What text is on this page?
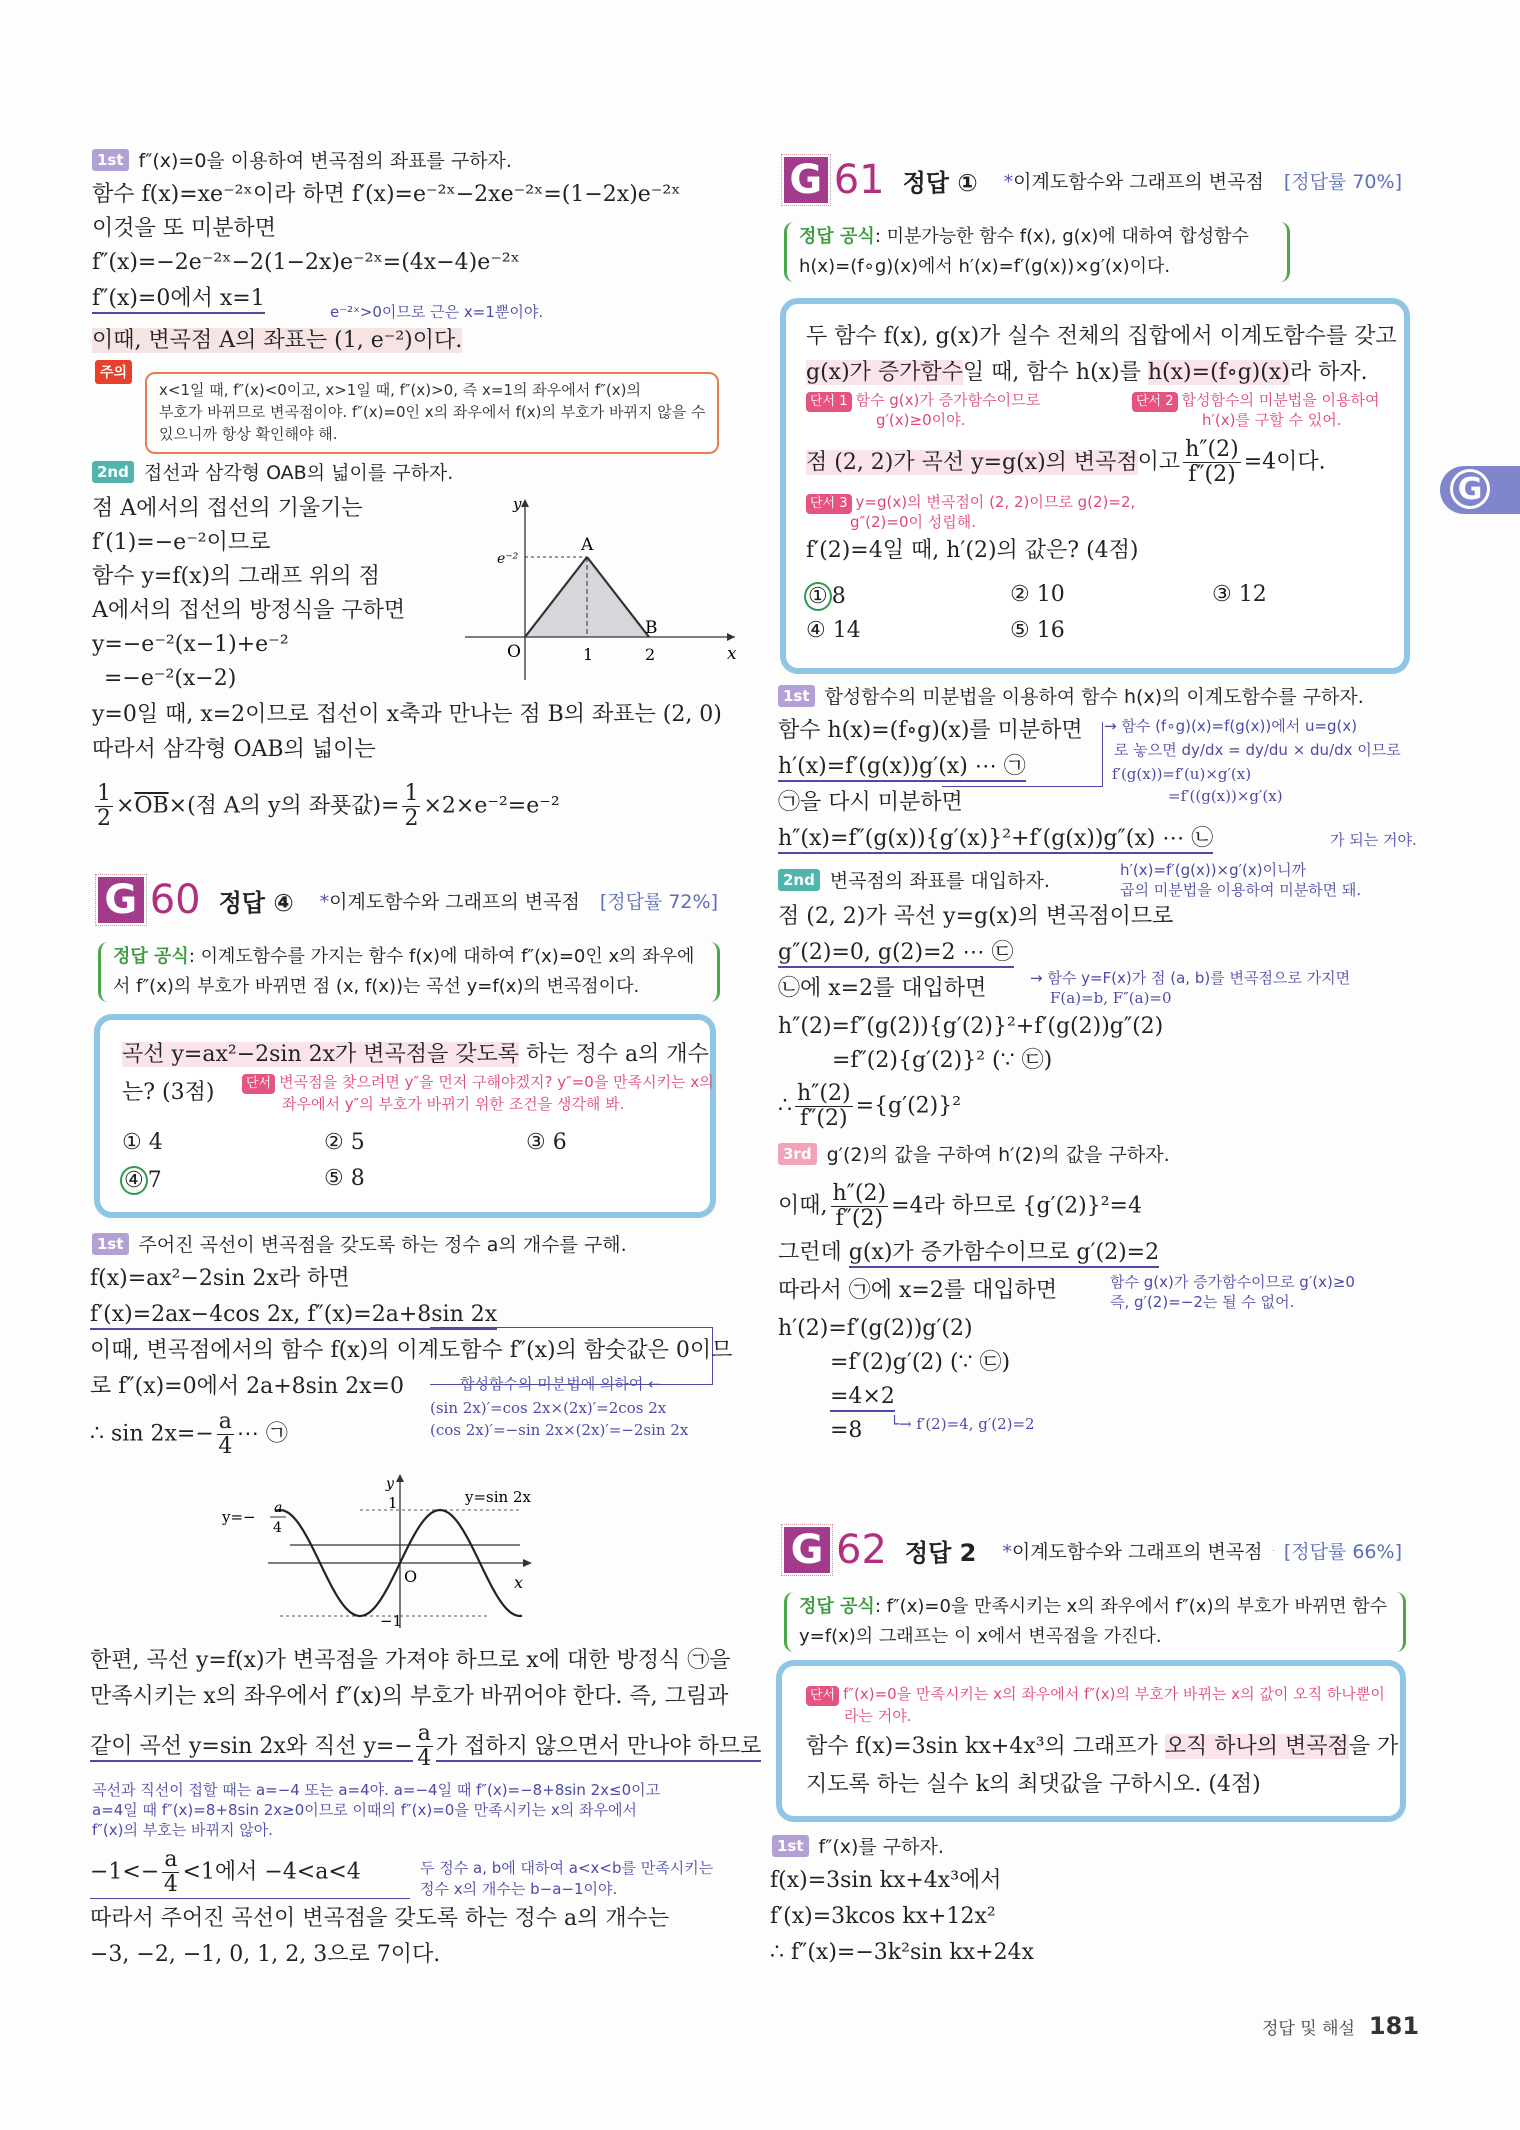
1st f″(x)=0을 이용하여 변곡점의 좌표를 구하자.
함수 f(x)=xe⁻²ˣ이라 하면 f′(x)=e⁻²ˣ−2xe⁻²ˣ=(1−2x)e⁻²ˣ
이것을 또 미분하면
f″(x)=−2e⁻²ˣ−2(1−2x)e⁻²ˣ=(4x−4)e⁻²ˣ
f″(x)=0에서 x=1
e⁻²ˣ>0이므로 근은 x=1뿐이야.
이때, 변곡점 A의 좌표는 (1, e⁻²)이다.
주의
x<1일 때, f″(x)<0이고, x>1일 때, f″(x)>0, 즉 x=1의 좌우에서 f″(x)의
부호가 바뀌므로 변곡점이야. f″(x)=0인 x의 좌우에서 f(x)의 부호가 바뀌지 않을 수
있으니까 항상 확인해야 해.
2nd 접선과 삼각형 OAB의 넓이를 구하자.
점 A에서의 접선의 기울기는
f′(1)=−e⁻²이므로
함수 y=f(x)의 그래프 위의 점
A에서의 접선의 방정식을 구하면
y=−e⁻²(x−1)+e⁻²
=−e⁻²(x−2)
y
x
O
A
B
1	2
e⁻²
y=0일 때, x=2이므로 접선이 x축과 만나는 점 B의 좌표는 (2, 0)
따라서 삼각형 OAB의 넓이는
$\frac{1}{2} \times\overline{OB}\times$(점 A의 y의 좌푯값)= $\frac{1}{2} \times 2\times e^{-2}=e^{-2}$
G 60 정답 ④ *이계도함수와 그래프의 변곡점 [정답률 72%]
정답 공식: 이계도함수를 가지는 함수 f(x)에 대하여 f″(x)=0인 x의 좌우에
서 f″(x)의 부호가 바뀌면 점 (x, f(x))는 곡선 y=f(x)의 변곡점이다.
곡선 y=ax²−2sin 2x가 변곡점을 갖도록 하는 정수 a의 개수
는? (3점)	단서 변곡점을 찾으려면 y″을 먼저 구해야겠지? y″=0을 만족시키는 x의
좌우에서 y″의 부호가 바뀌기 위한 조건을 생각해 봐.
① 4	② 5	③ 6
④ 7	⑤ 8
1st 주어진 곡선이 변곡점을 갖도록 하는 정수 a의 개수를 구해.
f(x)=ax²−2sin 2x라 하면
f′(x)=2ax−4cos 2x, f″(x)=2a+8sin 2x
이때, 변곡점에서의 함수 f(x)의 이계도함수 f″(x)의 함숫값은 0이므
로 f″(x)=0에서 2a+8sin 2x=0	합성함수의 미분법에 의하여 ←
(sin 2x)′=cos 2x×(2x)′=2cos 2x
(cos 2x)′=−sin 2x×(2x)′=−2sin 2x
∴ $\sin 2x=- \frac{a}{4}$ ⋯ ㉠
y
x
O
1
−1
y=sin 2x
y=− a
4
한편, 곡선 y=f(x)가 변곡점을 가져야 하므로 x에 대한 방정식 ㉠을
만족시키는 x의 좌우에서 f″(x)의 부호가 바뀌어야 한다. 즉, 그림과
같이 곡선 y=sin 2x와 직선 $y=- \frac{a}{4}$ 가 접하지 않으면서 만나야 하므로
곡선과 직선이 접할 때는 a=−4 또는 a=4야. a=−4일 때 f″(x)=−8+8sin 2x≤0이고
a=4일 때 f″(x)=8+8sin 2x≥0이므로 이때의 f″(x)=0을 만족시키는 x의 좌우에서
f″(x)의 부호는 바뀌지 않아.
$-1<- \frac{a}{4} <1$에서 −4<a<4	두 정수 a, b에 대하여 a<x<b를 만족시키는
정수 x의 개수는 b−a−1이야.
따라서 주어진 곡선이 변곡점을 갖도록 하는 정수 a의 개수는
−3, −2, −1, 0, 1, 2, 3으로 7이다.
G 61 정답 ① *이계도함수와 그래프의 변곡점 [정답률 70%]
정답 공식: 미분가능한 함수 f(x), g(x)에 대하여 합성함수
h(x)=(f∘g)(x)에서 h′(x)=f′(g(x))×g′(x)이다.
두 함수 f(x), g(x)가 실수 전체의 집합에서 이계도함수를 갖고
g(x)가 증가함수일 때, 함수 h(x)를 h(x)=(f∘g)(x)라 하자.
단서 1 함수 g(x)가 증가함수이므로
g′(x)≥0이야.
단서 2 합성함수의 미분법을 이용하여
h′(x)를 구할 수 있어.
점 (2, 2)가 곡선 y=g(x)의 변곡점이고 $\frac{h''(2)}{f''(2)} =4$이다.
단서 3 y=g(x)의 변곡점이 (2, 2)이므로 g(2)=2,
g″(2)=0이 성립해.
f′(2)=4일 때, h′(2)의 값은? (4점)
① 8	② 10	③ 12
④ 14	⑤ 16
1st 합성함수의 미분법을 이용하여 함수 h(x)의 이계도함수를 구하자.
함수 h(x)=(f∘g)(x)를 미분하면
h′(x)=f′(g(x))g′(x) ⋯ ㉠
㉠을 다시 미분하면
h″(x)=f″(g(x)){g′(x)}²+f′(g(x))g″(x) ⋯ ㉡
→ 함수 (f∘g)(x)=f(g(x))에서 u=g(x)
로 놓으면 dy/dx = dy/du × du/dx 이므로
f′(g(x))=f′(u)×g′(x)
=f′((g(x))×g′(x)
가 되는 거야.
2nd 변곡점의 좌표를 대입하자.	h′(x)=f′(g(x))×g′(x)이니까
곱의 미분법을 이용하여 미분하면 돼.
점 (2, 2)가 곡선 y=g(x)의 변곡점이므로
g″(2)=0, g(2)=2 ⋯ ㉢
㉡에 x=2를 대입하면	→ 함수 y=F(x)가 점 (a, b)를 변곡점으로 가지면
F(a)=b, F″(a)=0
h″(2)=f″(g(2)){g′(2)}²+f′(g(2))g″(2)
=f″(2){g′(2)}² (∵ ㉢)
∴ $\frac{h''(2)}{f''(2)} =\{g'(2)\}^2$
3rd g′(2)의 값을 구하여 h′(2)의 값을 구하자.
이때, $\frac{h''(2)}{f''(2)} =4$라 하므로 {g′(2)}²=4
그런데 g(x)가 증가함수이므로 g′(2)=2
따라서 ㉠에 x=2를 대입하면	함수 g(x)가 증가함수이므로 g′(x)≥0
즉, g′(2)=−2는 될 수 없어.
h′(2)=f′(g(2))g′(2)
=f′(2)g′(2) (∵ ㉢)
=4×2
=8 └→ f′(2)=4, g′(2)=2
G 62 정답 2 *이계도함수와 그래프의 변곡점 [정답률 66%]
정답 공식: f″(x)=0을 만족시키는 x의 좌우에서 f″(x)의 부호가 바뀌면 함수
y=f(x)의 그래프는 이 x에서 변곡점을 가진다.
단서 f″(x)=0을 만족시키는 x의 좌우에서 f″(x)의 부호가 바뀌는 x의 값이 오직 하나뿐이
라는 거야.
함수 f(x)=3sin kx+4x³의 그래프가 오직 하나의 변곡점을 가
지도록 하는 실수 k의 최댓값을 구하시오. (4점)
1st f″(x)를 구하자.
f(x)=3sin kx+4x³에서
f′(x)=3kcos kx+12x²
∴ f″(x)=−3k²sin kx+24x
G
정답 및 해설 181
